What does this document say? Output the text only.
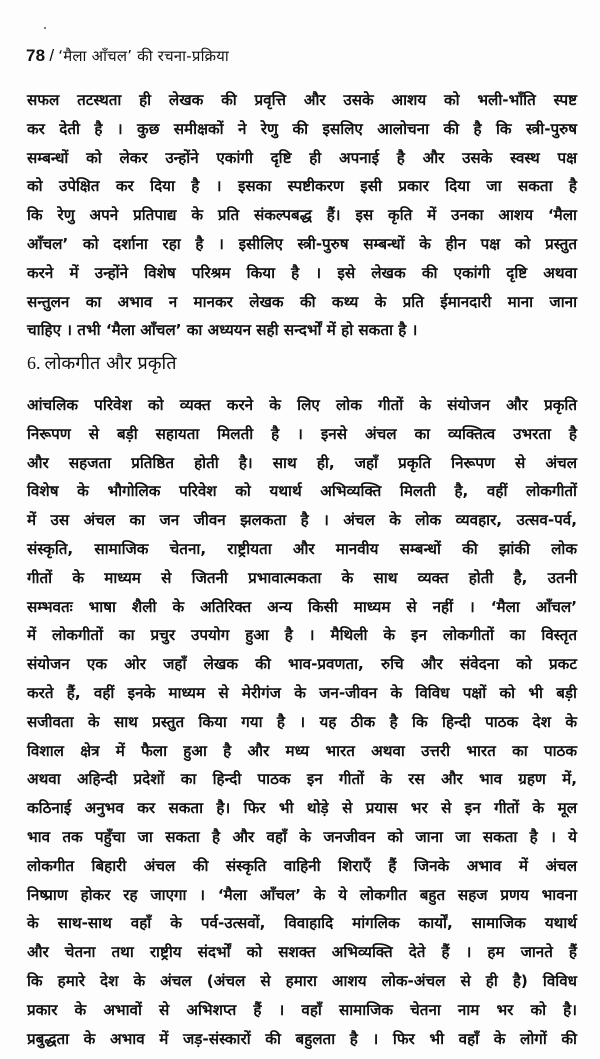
78 / ‘मैला आँचल’ की रचना-प्रक्रिया
सफल तटस्थता ही लेखक की प्रवृत्ति और उसके आशय को भली-भाँति स्पष्ट
कर देती है । कुछ समीक्षकों ने रेणु की इसलिए आलोचना की है कि स्त्री-पुरुष
सम्बन्धों को लेकर उन्होंने एकांगी दृष्टि ही अपनाई है और उसके स्वस्थ पक्ष
को उपेक्षित कर दिया है । इसका स्पष्टीकरण इसी प्रकार दिया जा सकता है
कि रेणु अपने प्रतिपाद्य के प्रति संकल्पबद्ध हैं। इस कृति में उनका आशय ‘मैला
आँचल’ को दर्शाना रहा है । इसीलिए स्त्री-पुरुष सम्बन्धों के हीन पक्ष को प्रस्तुत
करने में उन्होंने विशेष परिश्रम किया है । इसे लेखक की एकांगी दृष्टि अथवा
सन्तुलन का अभाव न मानकर लेखक की कथ्य के प्रति ईमानदारी माना जाना
चाहिए । तभी ‘मैला आँचल’ का अध्ययन सही सन्दर्भों में हो सकता है ।
6. लोकगीत और प्रकृति
आंचलिक परिवेश को व्यक्त करने के लिए लोक गीतों के संयोजन और प्रकृति
निरूपण से बड़ी सहायता मिलती है । इनसे अंचल का व्यक्तित्व उभरता है
और सहजता प्रतिष्ठित होती है। साथ ही, जहाँ प्रकृति निरूपण से अंचल
विशेष के भौगोलिक परिवेश को यथार्थ अभिव्यक्ति मिलती है, वहीं लोकगीतों
में उस अंचल का जन जीवन झलकता है । अंचल के लोक व्यवहार, उत्सव-पर्व,
संस्कृति, सामाजिक चेतना, राष्ट्रीयता और मानवीय सम्बन्धों की झांकी लोक
गीतों के माध्यम से जितनी प्रभावात्मकता के साथ व्यक्त होती है, उतनी
सम्भवतः भाषा शैली के अतिरिक्त अन्य किसी माध्यम से नहीं । ‘मैला आँचल’
में लोकगीतों का प्रचुर उपयोग हुआ है । मैथिली के इन लोकगीतों का विस्तृत
संयोजन एक ओर जहाँ लेखक की भाव-प्रवणता, रुचि और संवेदना को प्रकट
करते हैं, वहीं इनके माध्यम से मेरीगंज के जन-जीवन के विविध पक्षों को भी बड़ी
सजीवता के साथ प्रस्तुत किया गया है । यह ठीक है कि हिन्दी पाठक देश के
विशाल क्षेत्र में फैला हुआ है और मध्य भारत अथवा उत्तरी भारत का पाठक
अथवा अहिन्दी प्रदेशों का हिन्दी पाठक इन गीतों के रस और भाव ग्रहण में,
कठिनाई अनुभव कर सकता है। फिर भी थोड़े से प्रयास भर से इन गीतों के मूल
भाव तक पहुँचा जा सकता है और वहाँ के जनजीवन को जाना जा सकता है । ये
लोकगीत बिहारी अंचल की संस्कृति वाहिनी शिराएँ हैं जिनके अभाव में अंचल
निष्प्राण होकर रह जाएगा । ‘मैला आँचल’ के ये लोकगीत बहुत सहज प्रणय भावना
के साथ-साथ वहाँ के पर्व-उत्सवों, विवाहादि मांगलिक कार्यों, सामाजिक यथार्थ
और चेतना तथा राष्ट्रीय संदर्भों को सशक्त अभिव्यक्ति देते हैं । हम जानते हैं
कि हमारे देश के अंचल (अंचल से हमारा आशय लोक-अंचल से ही है) विविध
प्रकार के अभावों से अभिशप्त हैं । वहाँ सामाजिक चेतना नाम भर को है।
प्रबुद्धता के अभाव में जड़-संस्कारों की बहुलता है । फिर भी वहाँ के लोगों की
